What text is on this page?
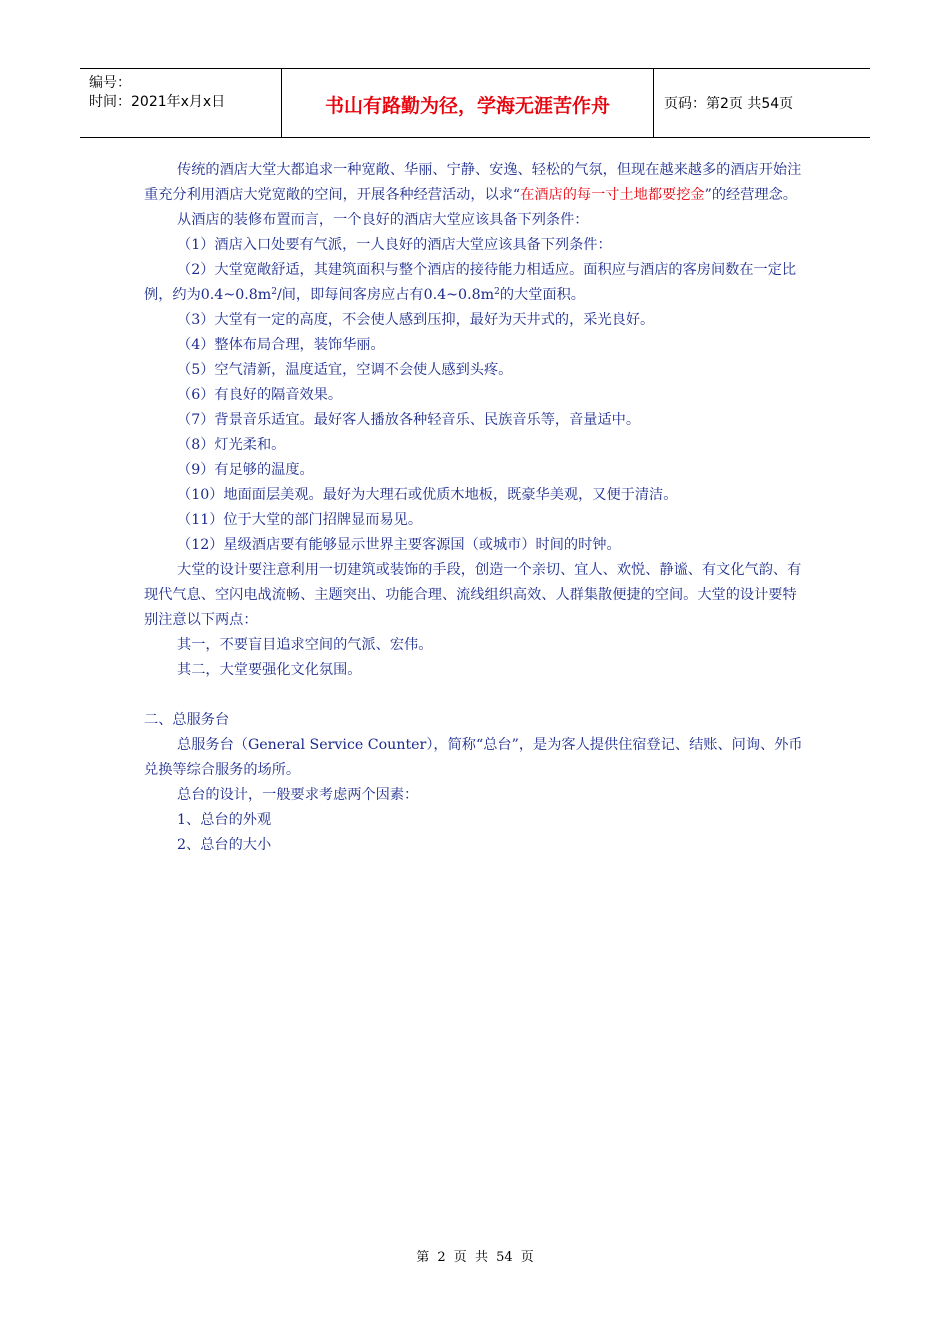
编号：
时间：2021年x月x日	书山有路勤为径，学海无涯苦作舟	页码：第2页 共54页

传统的酒店大堂大都追求一种宽敞、华丽、宁静、安逸、轻松的气氛，但现在越来越多的酒店开始注重充分利用酒店大党宽敞的空间，开展各种经营活动，以求“在酒店的每一寸土地都要挖金”的经营理念。

从酒店的装修布置而言，一个良好的酒店大堂应该具备下列条件：

（1）酒店入口处要有气派，一人良好的酒店大堂应该具备下列条件：

（2）大堂宽敞舒适，其建筑面积与整个酒店的接待能力相适应。面积应与酒店的客房间数在一定比例，约为$0.4\sim 0.8m^2/$间，即每间客房应占有$0.4\sim 0.8m^2$的大堂面积。

（3）大堂有一定的高度，不会使人感到压抑，最好为天井式的，采光良好。

（4）整体布局合理，装饰华丽。

（5）空气清新，温度适宜，空调不会使人感到头疼。

（6）有良好的隔音效果。

（7）背景音乐适宜。最好客人播放各种轻音乐、民族音乐等，音量适中。

（8）灯光柔和。

（9）有足够的温度。

（10）地面面层美观。最好为大理石或优质木地板，既豪华美观，又便于清洁。

（11）位于大堂的部门招牌显而易见。

（12）星级酒店要有能够显示世界主要客源国（或城市）时间的时钟。

大堂的设计要注意利用一切建筑或装饰的手段，创造一个亲切、宜人、欢悦、静谧、有文化气韵、有现代气息、空闪电战流畅、主题突出、功能合理、流线组织高效、人群集散便捷的空间。大堂的设计要特别注意以下两点：

其一，不要盲目追求空间的气派、宏伟。

其二，大堂要强化文化氛围。

二、总服务台

总服务台（General Service Counter），简称“总台”，是为客人提供住宿登记、结账、问询、外币兑换等综合服务的场所。

总台的设计，一般要求考虑两个因素：

1、总台的外观

2、总台的大小

第 2 页 共 54 页
